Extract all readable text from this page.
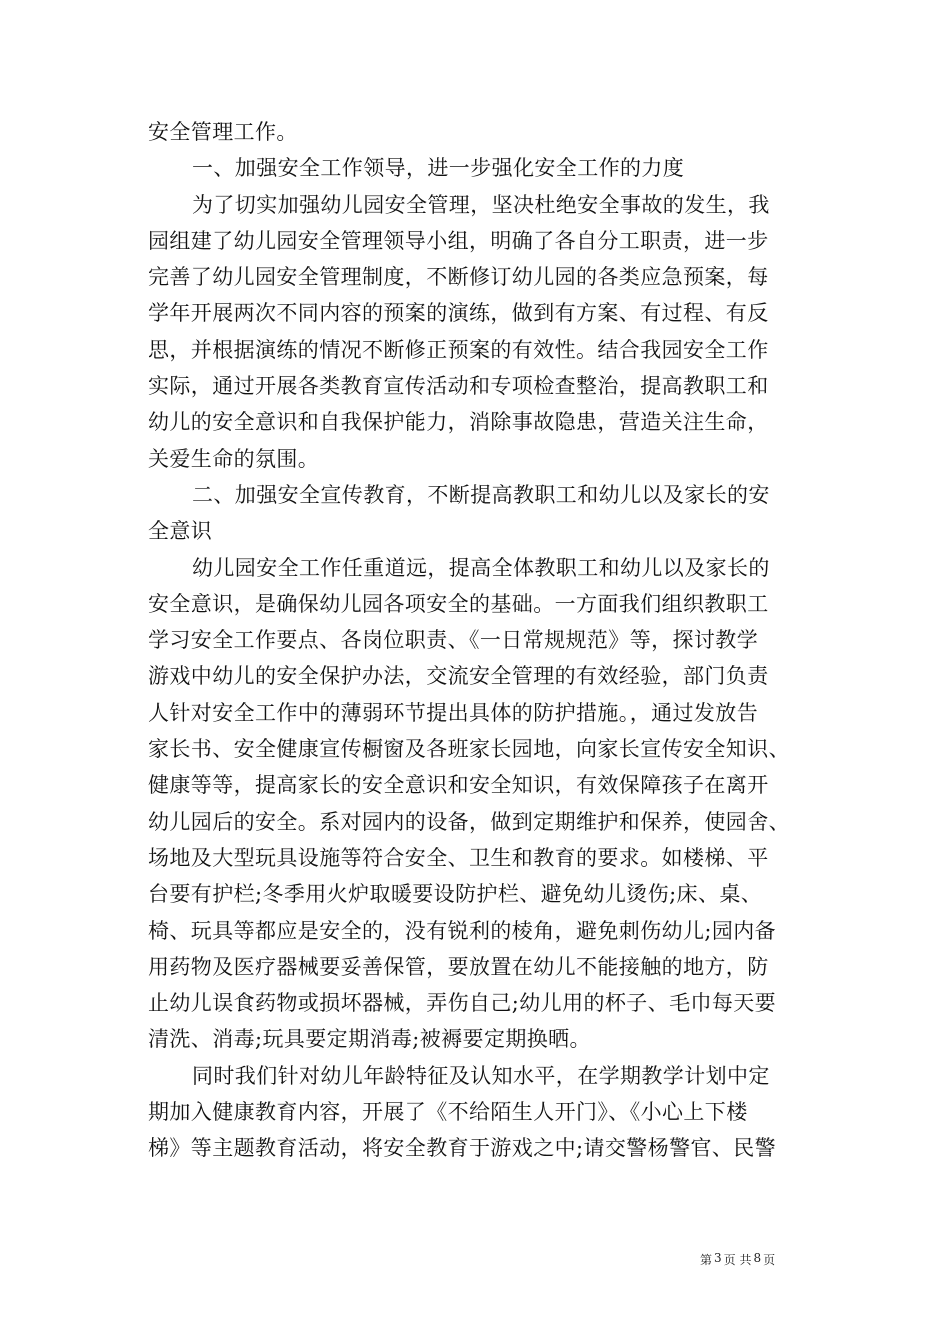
安全管理工作。
一、加强安全工作领导，进一步强化安全工作的力度
为了切实加强幼儿园安全管理，坚决杜绝安全事故的发生，我
园组建了幼儿园安全管理领导小组，明确了各自分工职责，进一步
完善了幼儿园安全管理制度，不断修订幼儿园的各类应急预案，每
学年开展两次不同内容的预案的演练，做到有方案、有过程、有反
思，并根据演练的情况不断修正预案的有效性。结合我园安全工作
实际，通过开展各类教育宣传活动和专项检查整治，提高教职工和
幼儿的安全意识和自我保护能力，消除事故隐患，营造关注生命，
关爱生命的氛围。
二、加强安全宣传教育，不断提高教职工和幼儿以及家长的安
全意识
幼儿园安全工作任重道远，提高全体教职工和幼儿以及家长的
安全意识，是确保幼儿园各项安全的基础。一方面我们组织教职工
学习安全工作要点、各岗位职责、《一日常规规范》等，探讨教学
游戏中幼儿的安全保护办法，交流安全管理的有效经验，部门负责
人针对安全工作中的薄弱环节提出具体的防护措施。，通过发放告
家长书、安全健康宣传橱窗及各班家长园地，向家长宣传安全知识、
健康等等，提高家长的安全意识和安全知识，有效保障孩子在离开
幼儿园后的安全。系对园内的设备，做到定期维护和保养，使园舍、
场地及大型玩具设施等符合安全、卫生和教育的要求。如楼梯、平
台要有护栏;冬季用火炉取暖要设防护栏、避免幼儿烫伤;床、桌、
椅、玩具等都应是安全的，没有锐利的棱角，避免刺伤幼儿;园内备
用药物及医疗器械要妥善保管，要放置在幼儿不能接触的地方，防
止幼儿误食药物或损坏器械，弄伤自己;幼儿用的杯子、毛巾每天要
清洗、消毒;玩具要定期消毒;被褥要定期换晒。
同时我们针对幼儿年龄特征及认知水平，在学期教学计划中定
期加入健康教育内容，开展了《不给陌生人开门》、《小心上下楼
梯》等主题教育活动，将安全教育于游戏之中;请交警杨警官、民警
第 3 页 共 8 页
